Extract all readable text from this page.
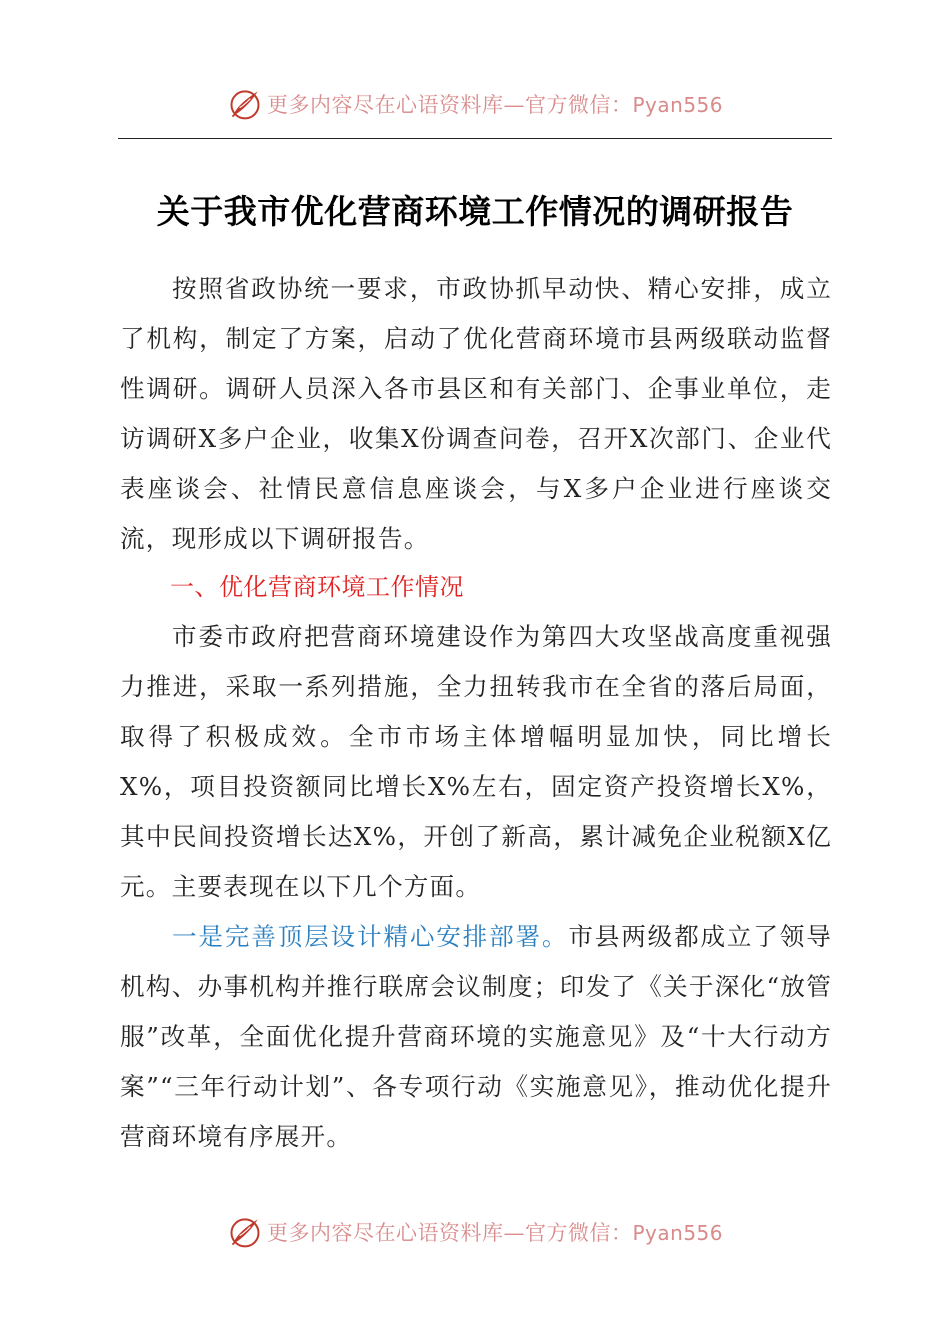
更多内容尽在心语资料库—官方微信：Pyan556
关于我市优化营商环境工作情况的调研报告
按照省政协统一要求，市政协抓早动快、精心安排，成立了机构，制定了方案，启动了优化营商环境市县两级联动监督性调研。调研人员深入各市县区和有关部门、企事业单位，走访调研X多户企业，收集X份调查问卷，召开X次部门、企业代表座谈会、社情民意信息座谈会，与X多户企业进行座谈交流，现形成以下调研报告。
一、优化营商环境工作情况
市委市政府把营商环境建设作为第四大攻坚战高度重视强力推进，采取一系列措施，全力扭转我市在全省的落后局面，取得了积极成效。全市市场主体增幅明显加快，同比增长X%，项目投资额同比增长X%左右，固定资产投资增长X%，其中民间投资增长达X%，开创了新高，累计减免企业税额X亿元。主要表现在以下几个方面。
一是完善顶层设计精心安排部署。市县两级都成立了领导机构、办事机构并推行联席会议制度；印发了《关于深化“放管服”改革，全面优化提升营商环境的实施意见》及“十大行动方案”“三年行动计划”、各专项行动《实施意见》，推动优化提升营商环境有序展开。
更多内容尽在心语资料库—官方微信：Pyan556
